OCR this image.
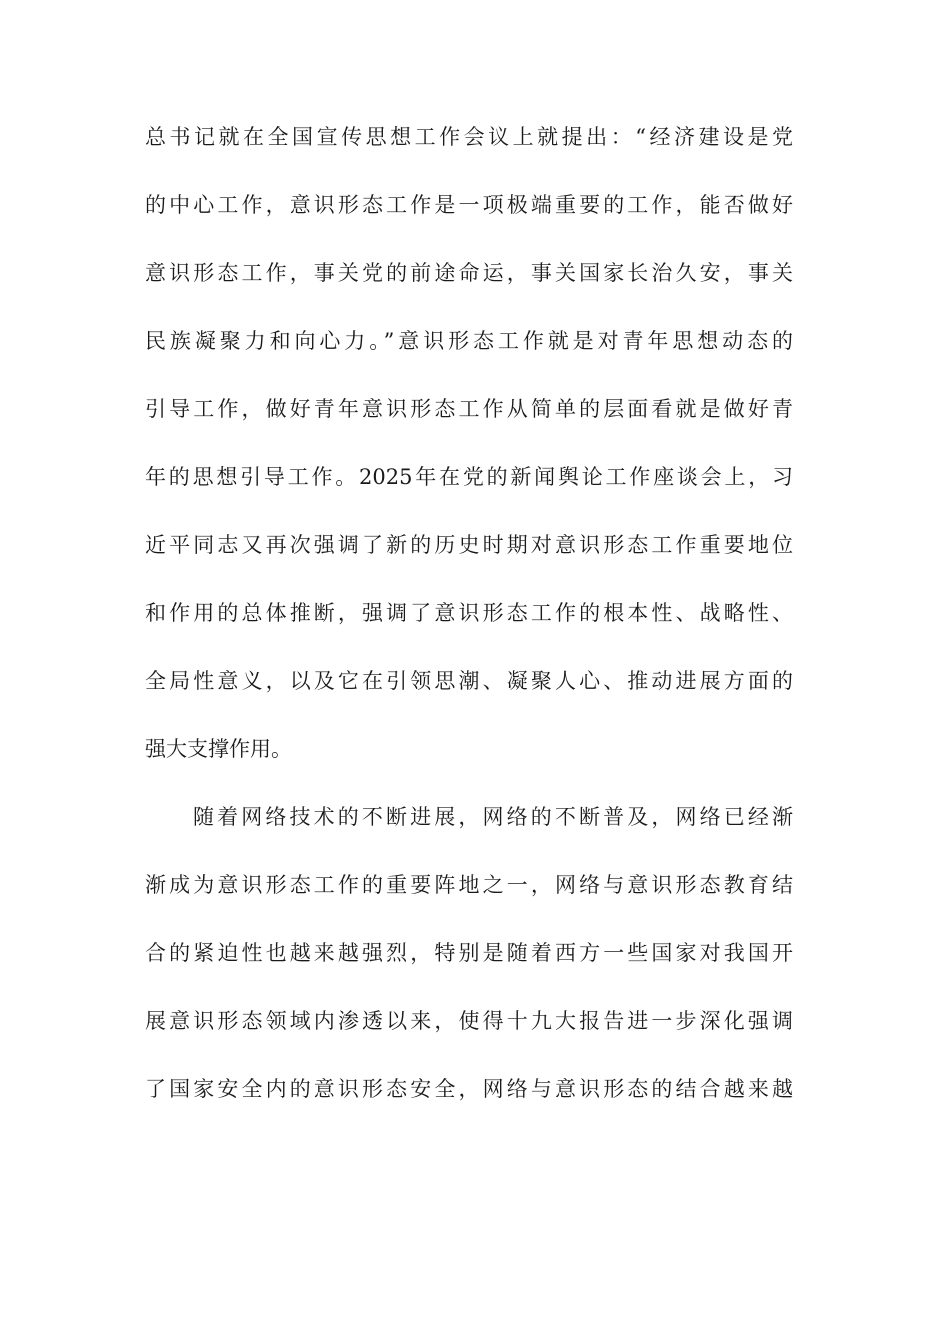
总书记就在全国宣传思想工作会议上就提出：“经济建设是党
的中心工作，意识形态工作是一项极端重要的工作，能否做好
意识形态工作，事关党的前途命运，事关国家长治久安，事关
民族凝聚力和向心力。”意识形态工作就是对青年思想动态的
引导工作，做好青年意识形态工作从简单的层面看就是做好青
年的思想引导工作。2025年在党的新闻舆论工作座谈会上，习
近平同志又再次强调了新的历史时期对意识形态工作重要地位
和作用的总体推断，强调了意识形态工作的根本性、战略性、
全局性意义，以及它在引领思潮、凝聚人心、推动进展方面的
强大支撑作用。
随着网络技术的不断进展，网络的不断普及，网络已经渐
渐成为意识形态工作的重要阵地之一，网络与意识形态教育结
合的紧迫性也越来越强烈，特别是随着西方一些国家对我国开
展意识形态领域内渗透以来，使得十九大报告进一步深化强调
了国家安全内的意识形态安全，网络与意识形态的结合越来越
